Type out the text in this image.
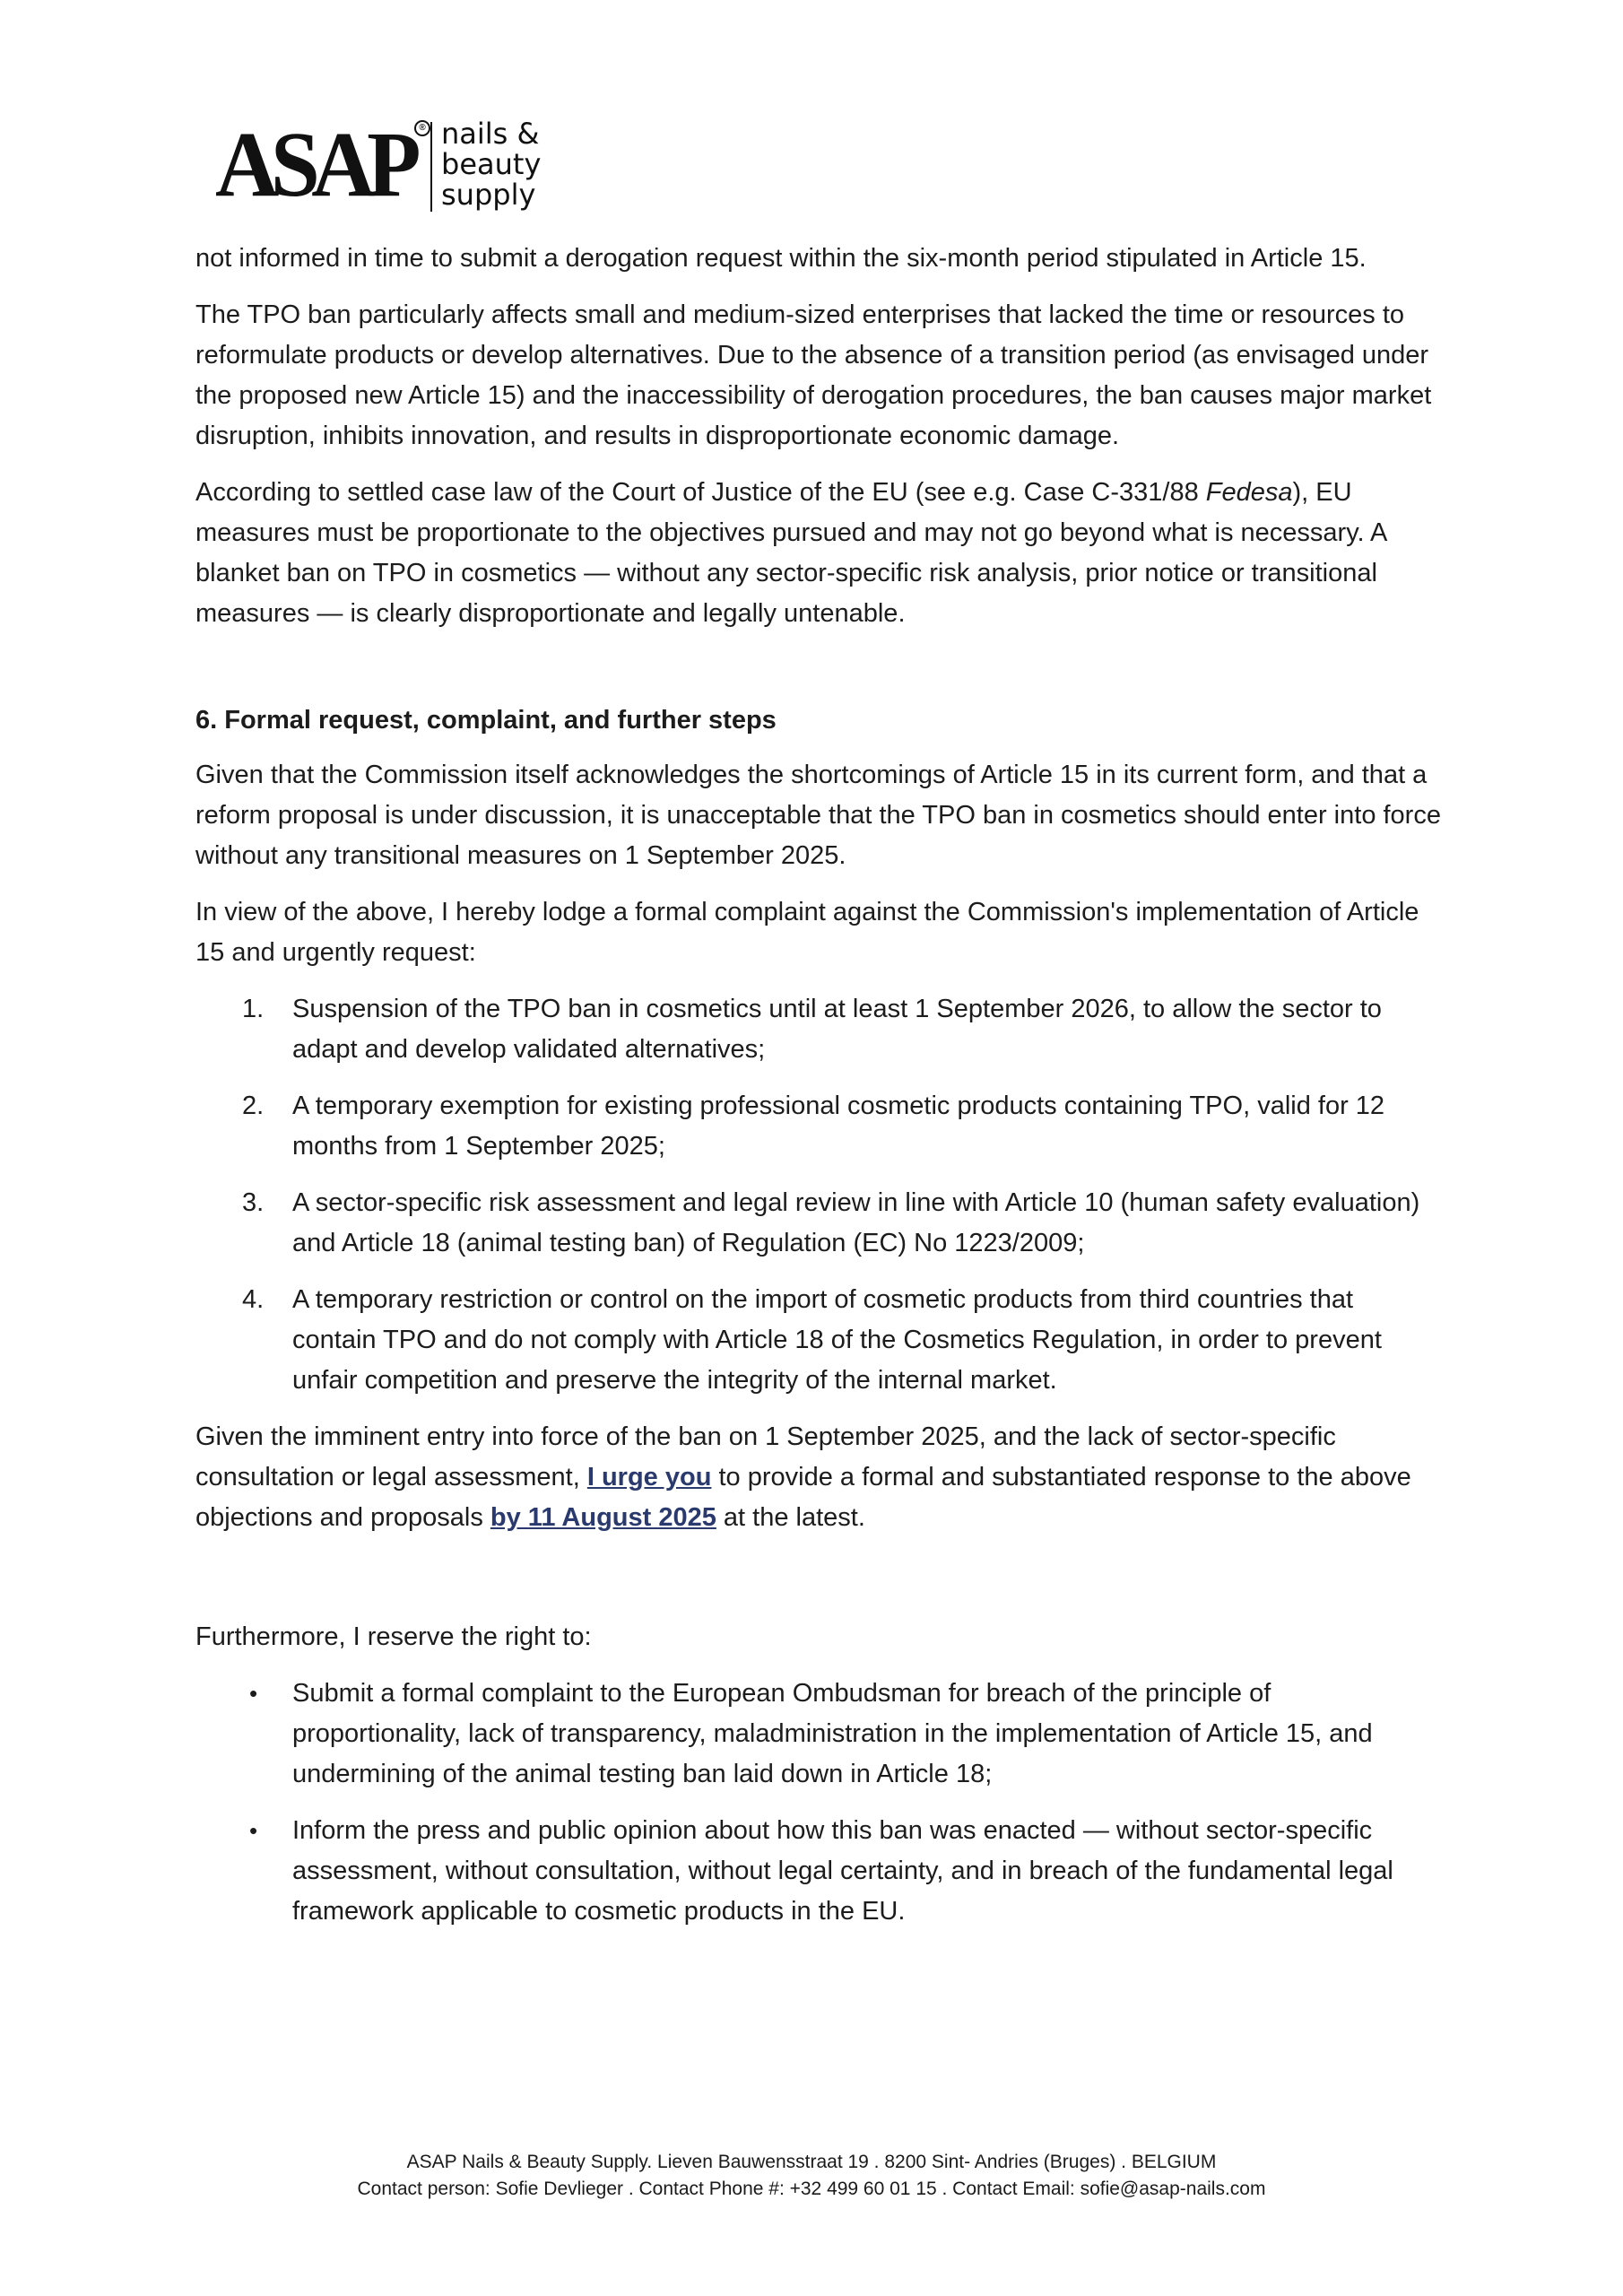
ASAP ® nails &
beauty
supply

not informed in time to submit a derogation request within the six-month period stipulated in Article 15.

The TPO ban particularly affects small and medium-sized enterprises that lacked the time or resources to reformulate products or develop alternatives. Due to the absence of a transition period (as envisaged under the proposed new Article 15) and the inaccessibility of derogation procedures, the ban causes major market disruption, inhibits innovation, and results in disproportionate economic damage.

According to settled case law of the Court of Justice of the EU (see e.g. Case C-331/88 Fedesa), EU measures must be proportionate to the objectives pursued and may not go beyond what is necessary. A blanket ban on TPO in cosmetics — without any sector-specific risk analysis, prior notice or transitional measures — is clearly disproportionate and legally untenable.

6. Formal request, complaint, and further steps

Given that the Commission itself acknowledges the shortcomings of Article 15 in its current form, and that a reform proposal is under discussion, it is unacceptable that the TPO ban in cosmetics should enter into force without any transitional measures on 1 September 2025.

In view of the above, I hereby lodge a formal complaint against the Commission's implementation of Article 15 and urgently request:

1. Suspension of the TPO ban in cosmetics until at least 1 September 2026, to allow the sector to adapt and develop validated alternatives;
2. A temporary exemption for existing professional cosmetic products containing TPO, valid for 12 months from 1 September 2025;
3. A sector-specific risk assessment and legal review in line with Article 10 (human safety evaluation) and Article 18 (animal testing ban) of Regulation (EC) No 1223/2009;
4. A temporary restriction or control on the import of cosmetic products from third countries that contain TPO and do not comply with Article 18 of the Cosmetics Regulation, in order to prevent unfair competition and preserve the integrity of the internal market.

Given the imminent entry into force of the ban on 1 September 2025, and the lack of sector-specific consultation or legal assessment, I urge you to provide a formal and substantiated response to the above objections and proposals by 11 August 2025 at the latest.

Furthermore, I reserve the right to:

• Submit a formal complaint to the European Ombudsman for breach of the principle of proportionality, lack of transparency, maladministration in the implementation of Article 15, and undermining of the animal testing ban laid down in Article 18;
• Inform the press and public opinion about how this ban was enacted — without sector-specific assessment, without consultation, without legal certainty, and in breach of the fundamental legal framework applicable to cosmetic products in the EU.
ASAP Nails & Beauty Supply. Lieven Bauwensstraat 19 . 8200 Sint- Andries (Bruges) . BELGIUM
Contact person: Sofie Devlieger . Contact Phone #: +32 499 60 01 15 . Contact Email: sofie@asap-nails.com
